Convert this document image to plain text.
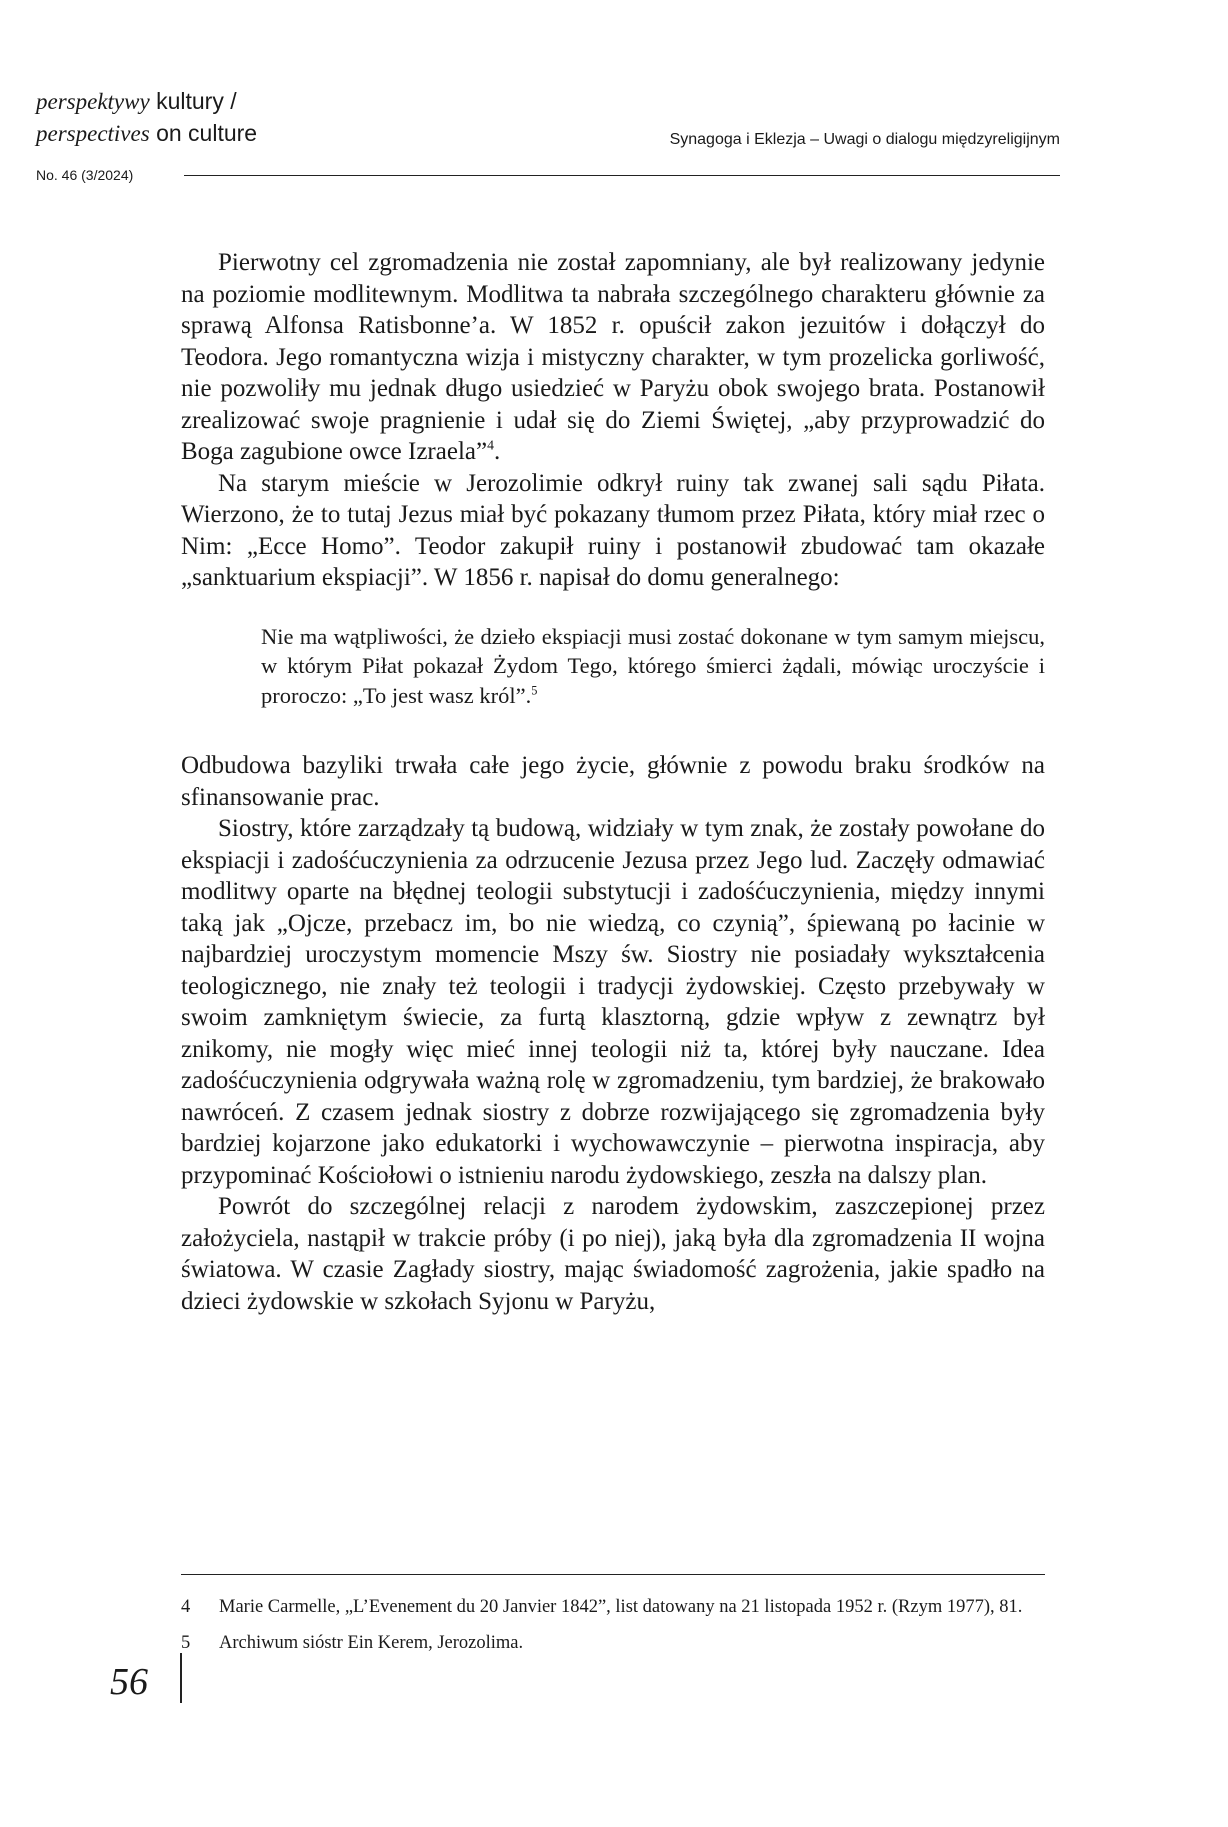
perspektywy kultury /
perspectives on culture
No. 46 (3/2024)
Synagoga i Eklezja – Uwagi o dialogu międzyreligijnym

Pierwotny cel zgromadzenia nie został zapomniany, ale był realizowany jedynie na poziomie modlitewnym. Modlitwa ta nabrała szczególnego charakteru głównie za sprawą Alfonsa Ratisbonne’a. W 1852 r. opuścił zakon jezuitów i dołączył do Teodora. Jego romantyczna wizja i mistyczny charakter, w tym prozelicka gorliwość, nie pozwoliły mu jednak długo usiedzieć w Paryżu obok swojego brata. Postanowił zrealizować swoje pragnienie i udał się do Ziemi Świętej, „aby przyprowadzić do Boga zagubione owce Izraela”$^4$.

Na starym mieście w Jerozolimie odkrył ruiny tak zwanej sali sądu Piłata. Wierzono, że to tutaj Jezus miał być pokazany tłumom przez Piłata, który miał rzec o Nim: „Ecce Homo”. Teodor zakupił ruiny i postanowił zbudować tam okazałe „sanktuarium ekspiacji”. W 1856 r. napisał do domu generalnego:

Nie ma wątpliwości, że dzieło ekspiacji musi zostać dokonane w tym samym miejscu, w którym Piłat pokazał Żydom Tego, którego śmierci żądali, mówiąc uroczyście i proroczo: „To jest wasz król”.$^5$

Odbudowa bazyliki trwała całe jego życie, głównie z powodu braku środków na sfinansowanie prac.

Siostry, które zarządzały tą budową, widziały w tym znak, że zostały powołane do ekspiacji i zadośćuczynienia za odrzucenie Jezusa przez Jego lud. Zaczęły odmawiać modlitwy oparte na błędnej teologii substytucji i zadośćuczynienia, między innymi taką jak „Ojcze, przebacz im, bo nie wiedzą, co czynią”, śpiewaną po łacinie w najbardziej uroczystym momencie Mszy św. Siostry nie posiadały wykształcenia teologicznego, nie znały też teologii i tradycji żydowskiej. Często przebywały w swoim zamkniętym świecie, za furtą klasztorną, gdzie wpływ z zewnątrz był znikomy, nie mogły więc mieć innej teologii niż ta, której były nauczane. Idea zadośćuczynienia odgrywała ważną rolę w zgromadzeniu, tym bardziej, że brakowało nawróceń. Z czasem jednak siostry z dobrze rozwijającego się zgromadzenia były bardziej kojarzone jako edukatorki i wychowawczynie – pierwotna inspiracja, aby przypominać Kościołowi o istnieniu narodu żydowskiego, zeszła na dalszy plan.

Powrót do szczególnej relacji z narodem żydowskim, zaszczepionej przez założyciela, nastąpił w trakcie próby (i po niej), jaką była dla zgromadzenia II wojna światowa. W czasie Zagłady siostry, mając świadomość zagrożenia, jakie spadło na dzieci żydowskie w szkołach Syjonu w Paryżu,

4 Marie Carmelle, „L’Evenement du 20 Janvier 1842”, list datowany na 21 listopada 1952 r. (Rzym 1977), 81.
5 Archiwum sióstr Ein Kerem, Jerozolima.
56
